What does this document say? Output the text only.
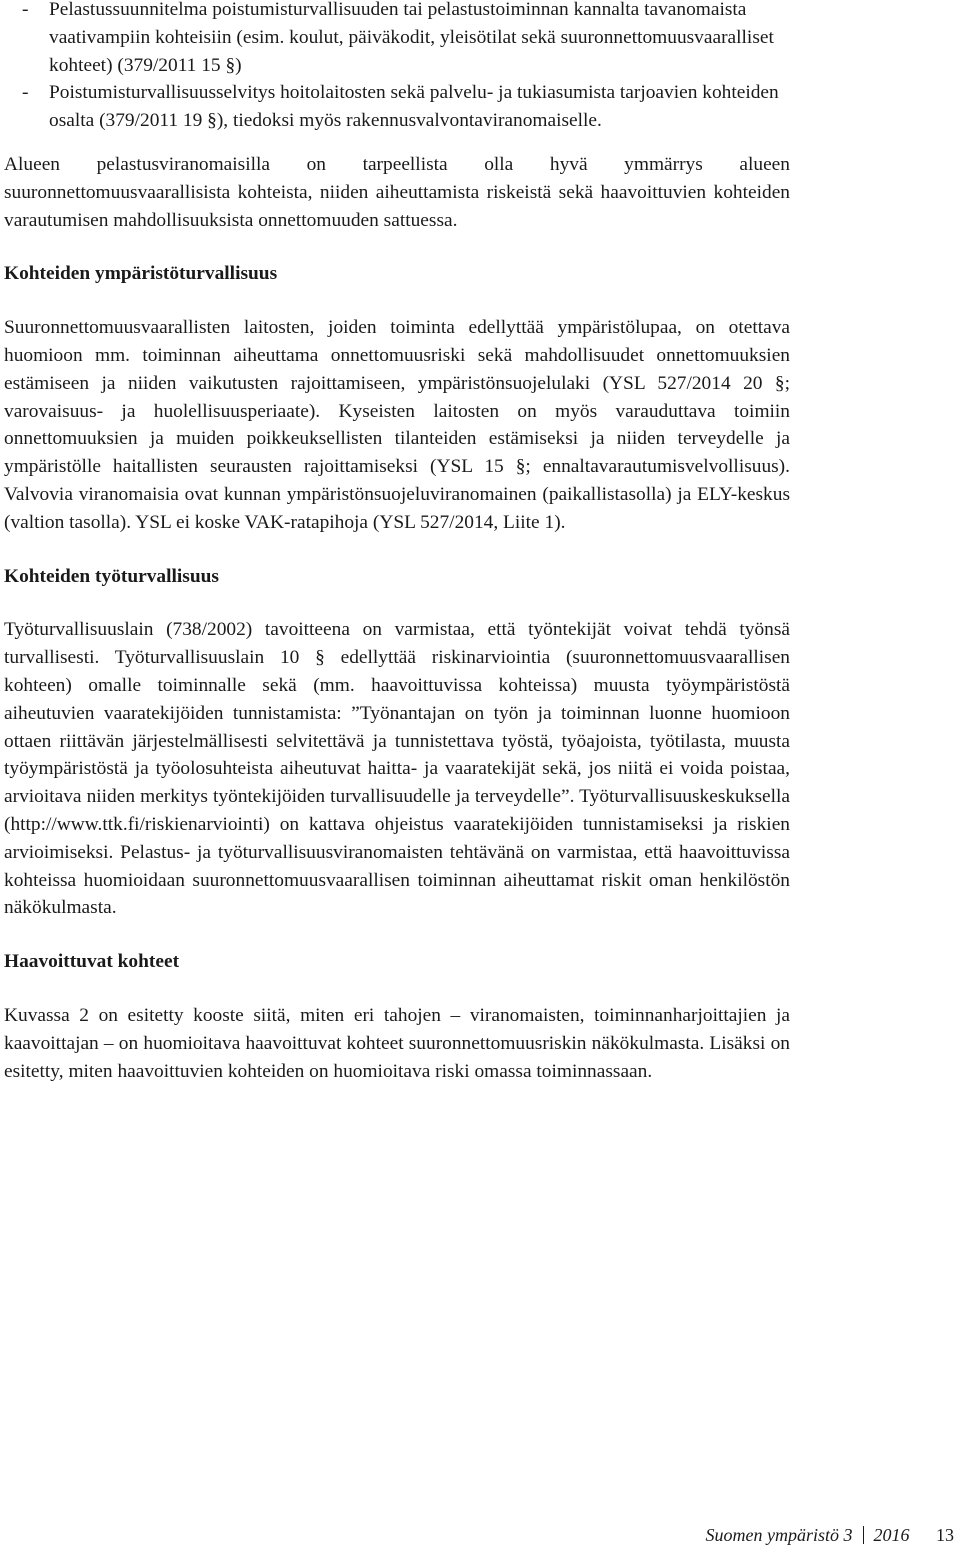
- Pelastussuunnitelma poistumisturvallisuuden tai pelastustoiminnan kannalta tavanomaista vaativampiin kohteisiin (esim. koulut, päiväkodit, yleisötilat sekä suuronnettomuusvaaralliset kohteet) (379/2011 15 §)
- Poistumisturvallisuusselvitys hoitolaitosten sekä palvelu- ja tukiasumista tarjoavien kohteiden osalta (379/2011 19 §), tiedoksi myös rakennusvalvontaviranomaiselle.

Alueen pelastusviranomaisilla on tarpeellista olla hyvä ymmärrys alueen suuronnettomuusvaarallisista kohteista, niiden aiheuttamista riskeistä sekä haavoittuvien kohteiden varautumisen mahdollisuuksista onnettomuuden sattuessa.

Kohteiden ympäristöturvallisuus

Suuronnettomuusvaarallisten laitosten, joiden toiminta edellyttää ympäristölupaa, on otettava huomioon mm. toiminnan aiheuttama onnettomuusriski sekä mahdollisuudet onnettomuuksien estämiseen ja niiden vaikutusten rajoittamiseen, ympäristönsuojelulaki (YSL 527/2014 20 §; varovaisuus- ja huolellisuusperiaate). Kyseisten laitosten on myös varauduttava toimiin onnettomuuksien ja muiden poikkeuksellisten tilanteiden estämiseksi ja niiden terveydelle ja ympäristölle haitallisten seurausten rajoittamiseksi (YSL 15 §; ennaltavarautumisvelvollisuus). Valvovia viranomaisia ovat kunnan ympäristönsuojeluviranomainen (paikallistasolla) ja ELY-keskus (valtion tasolla). YSL ei koske VAK-ratapihoja (YSL 527/2014, Liite 1).

Kohteiden työturvallisuus

Työturvallisuuslain (738/2002) tavoitteena on varmistaa, että työntekijät voivat tehdä työnsä turvallisesti. Työturvallisuuslain 10 § edellyttää riskinarviointia (suuronnettomuusvaarallisen kohteen) omalle toiminnalle sekä (mm. haavoittuvissa kohteissa) muusta työympäristöstä aiheutuvien vaaratekijöiden tunnistamista: ”Työnantajan on työn ja toiminnan luonne huomioon ottaen riittävän järjestelmällisesti selvitettävä ja tunnistettava työstä, työajoista, työtilasta, muusta työympäristöstä ja työolosuhteista aiheutuvat haitta- ja vaaratekijät sekä, jos niitä ei voida poistaa, arvioitava niiden merkitys työntekijöiden turvallisuudelle ja terveydelle”. Työturvallisuuskeskuksella (http://www.ttk.fi/riskienarviointi) on kattava ohjeistus vaaratekijöiden tunnistamiseksi ja riskien arvioimiseksi. Pelastus- ja työturvallisuusviranomaisten tehtävänä on varmistaa, että haavoittuvissa kohteissa huomioidaan suuronnettomuusvaarallisen toiminnan aiheuttamat riskit oman henkilöstön näkökulmasta.

Haavoittuvat kohteet

Kuvassa 2 on esitetty kooste siitä, miten eri tahojen – viranomaisten, toiminnanharjoittajien ja kaavoittajan – on huomioitava haavoittuvat kohteet suuronnettomuusriskin näkökulmasta. Lisäksi on esitetty, miten haavoittuvien kohteiden on huomioitava riski omassa toiminnassaan.

Suomen ympäristö 3 2016 13
